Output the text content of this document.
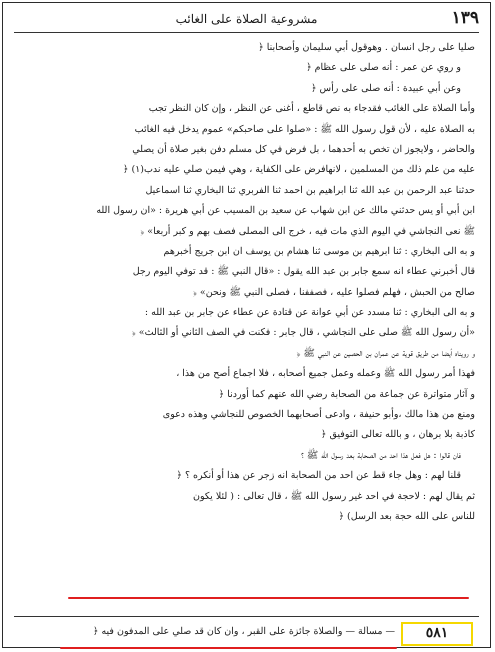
١٣٩
مشروعية الصلاة على الغائب
صليا على رجل انسان . وهوقول أبي سليمان وأصحابنا ﴿
و روي عن عمر : أنه صلى على عظام ﴿
وعن أبي عبيدة : أنه صلى على رأس ﴿
وأما الصلاة على الغائب فقدجاء به نص قاطع ، أغنى عن النظر ، وإن كان النظر تجب
به الصلاة عليه ، لأن قول رسول الله ﷺ : «صلوا على صاحبكم» عموم يدخل فيه الغائب
والحاضر ، ولايجوز ان تخص به أحدهما ، بل فرض في كل مسلم دفن بغير صلاة أن يصلي
عليه من علم ذلك من المسلمين ، لانهافرض على الكفاية ، وهي فيمن صلي عليه ندب(١) ﴿
حدثنا عبد الرحمن بن عبد الله ثنا ابراهيم بن احمد ثنا الفربري ثنا البخاري ثنا اسماعيل
ابن أبي أو يس حدثني مالك عن ابن شهاب عن سعيد بن المسيب عن أبي هريرة : «ان رسول الله
ﷺ نعى النجاشي في اليوم الذي مات فيه ، خرج الى المصلى فصف بهم و كبر أربعا» ﴿
و به الى البخاري : ثنا ابرهيم بن موسى ثنا هشام بن يوسف ان ابن جريج أخبرهم
قال أخبرني عطاء انه سمع جابر بن عبد الله يقول : «قال النبي ﷺ : قد توفي اليوم رجل
صالح من الحبش ، فهلم فصلوا عليه ، فصففنا ، فصلى النبي ﷺ ونحن» ﴿
و به الى البخاري : ثنا مسدد عن أبي عوانة عن قتادة عن عطاء عن جابر بن عبد الله :
«أن رسول الله ﷺ صلى على النجاشي ، قال جابر : فكنت في الصف الثاني أو الثالث» ﴿
و رويناه أيضا من طريق قوية عن عمران بن الحصين عن النبي ﷺ ﴿
فهذا أمر رسول الله ﷺ وعمله وعمل جميع أصحابه ، فلا اجماع أصح من هذا ،
و آثار متواترة عن جماعة من الصحابة رضي الله عنهم كما أوردنا ﴿
ومنع من هذا مالك ،وأبو حنيفة ، وادعى أصحابهما الخصوص للنجاشي وهذه دعوى
كاذبة بلا برهان ، و بالله تعالى التوفيق ﴿
فان قالوا : هل فعل هذا احد من الصحابة بعد رسول الله ﷺ ؟
قلنا لهم : وهل جاء قط عن احد من الصحابة انه زجر عن هذا أو أنكره ؟ ﴿
ثم يقال لهم : لاحجة في احد غير رسول الله ﷺ ، قال تعالى : ( لئلا يكون
للناس على الله حجة بعد الرسل) ﴿
٥٨١
— مسألة — والصلاة جائزة على القبر ، وان كان قد صلي على المدفون فيه ﴿
